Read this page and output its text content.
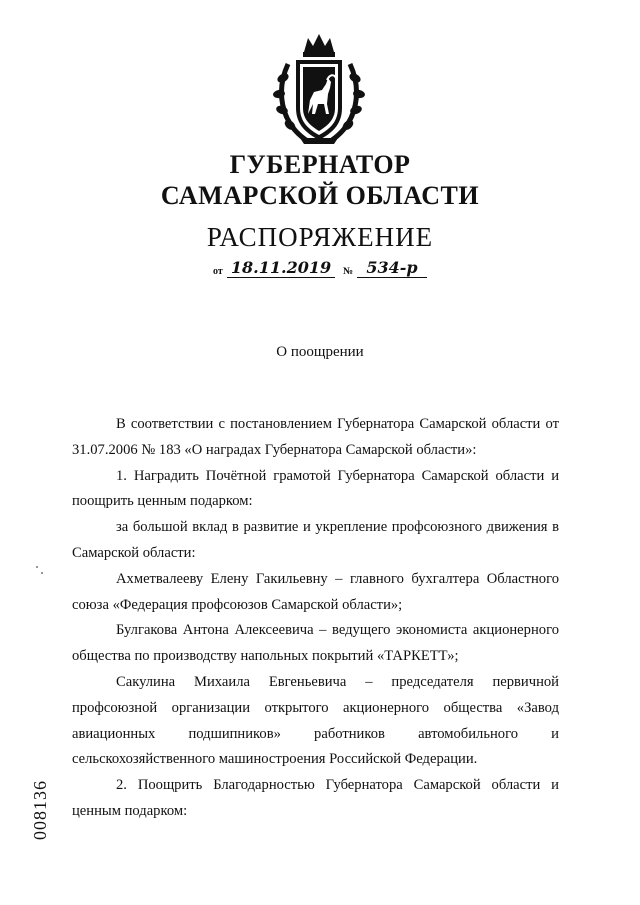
ГУБЕРНАТОР
САМАРСКОЙ ОБЛАСТИ
РАСПОРЯЖЕНИЕ
от 18.11.2019	№ 534-р
О поощрении

В соответствии с постановлением Губернатора Самарской области от 31.07.2006 № 183 «О наградах Губернатора Самарской области»:

1. Наградить Почётной грамотой Губернатора Самарской области и поощрить ценным подарком:

за большой вклад в развитие и укрепление профсоюзного движения в Самарской области:

Ахметвалееву Елену Гакильевну – главного бухгалтера Областного союза «Федерация профсоюзов Самарской области»;

Булгакова Антона Алексеевича – ведущего экономиста акционерного общества по производству напольных покрытий «ТАРКЕТТ»;

Сакулина Михаила Евгеньевича – председателя первичной профсоюзной организации открытого акционерного общества «Завод авиационных подшипников» работников автомобильного и сельскохозяйственного машиностроения Российской Федерации.

2. Поощрить Благодарностью Губернатора Самарской области и ценным подарком:

008136
